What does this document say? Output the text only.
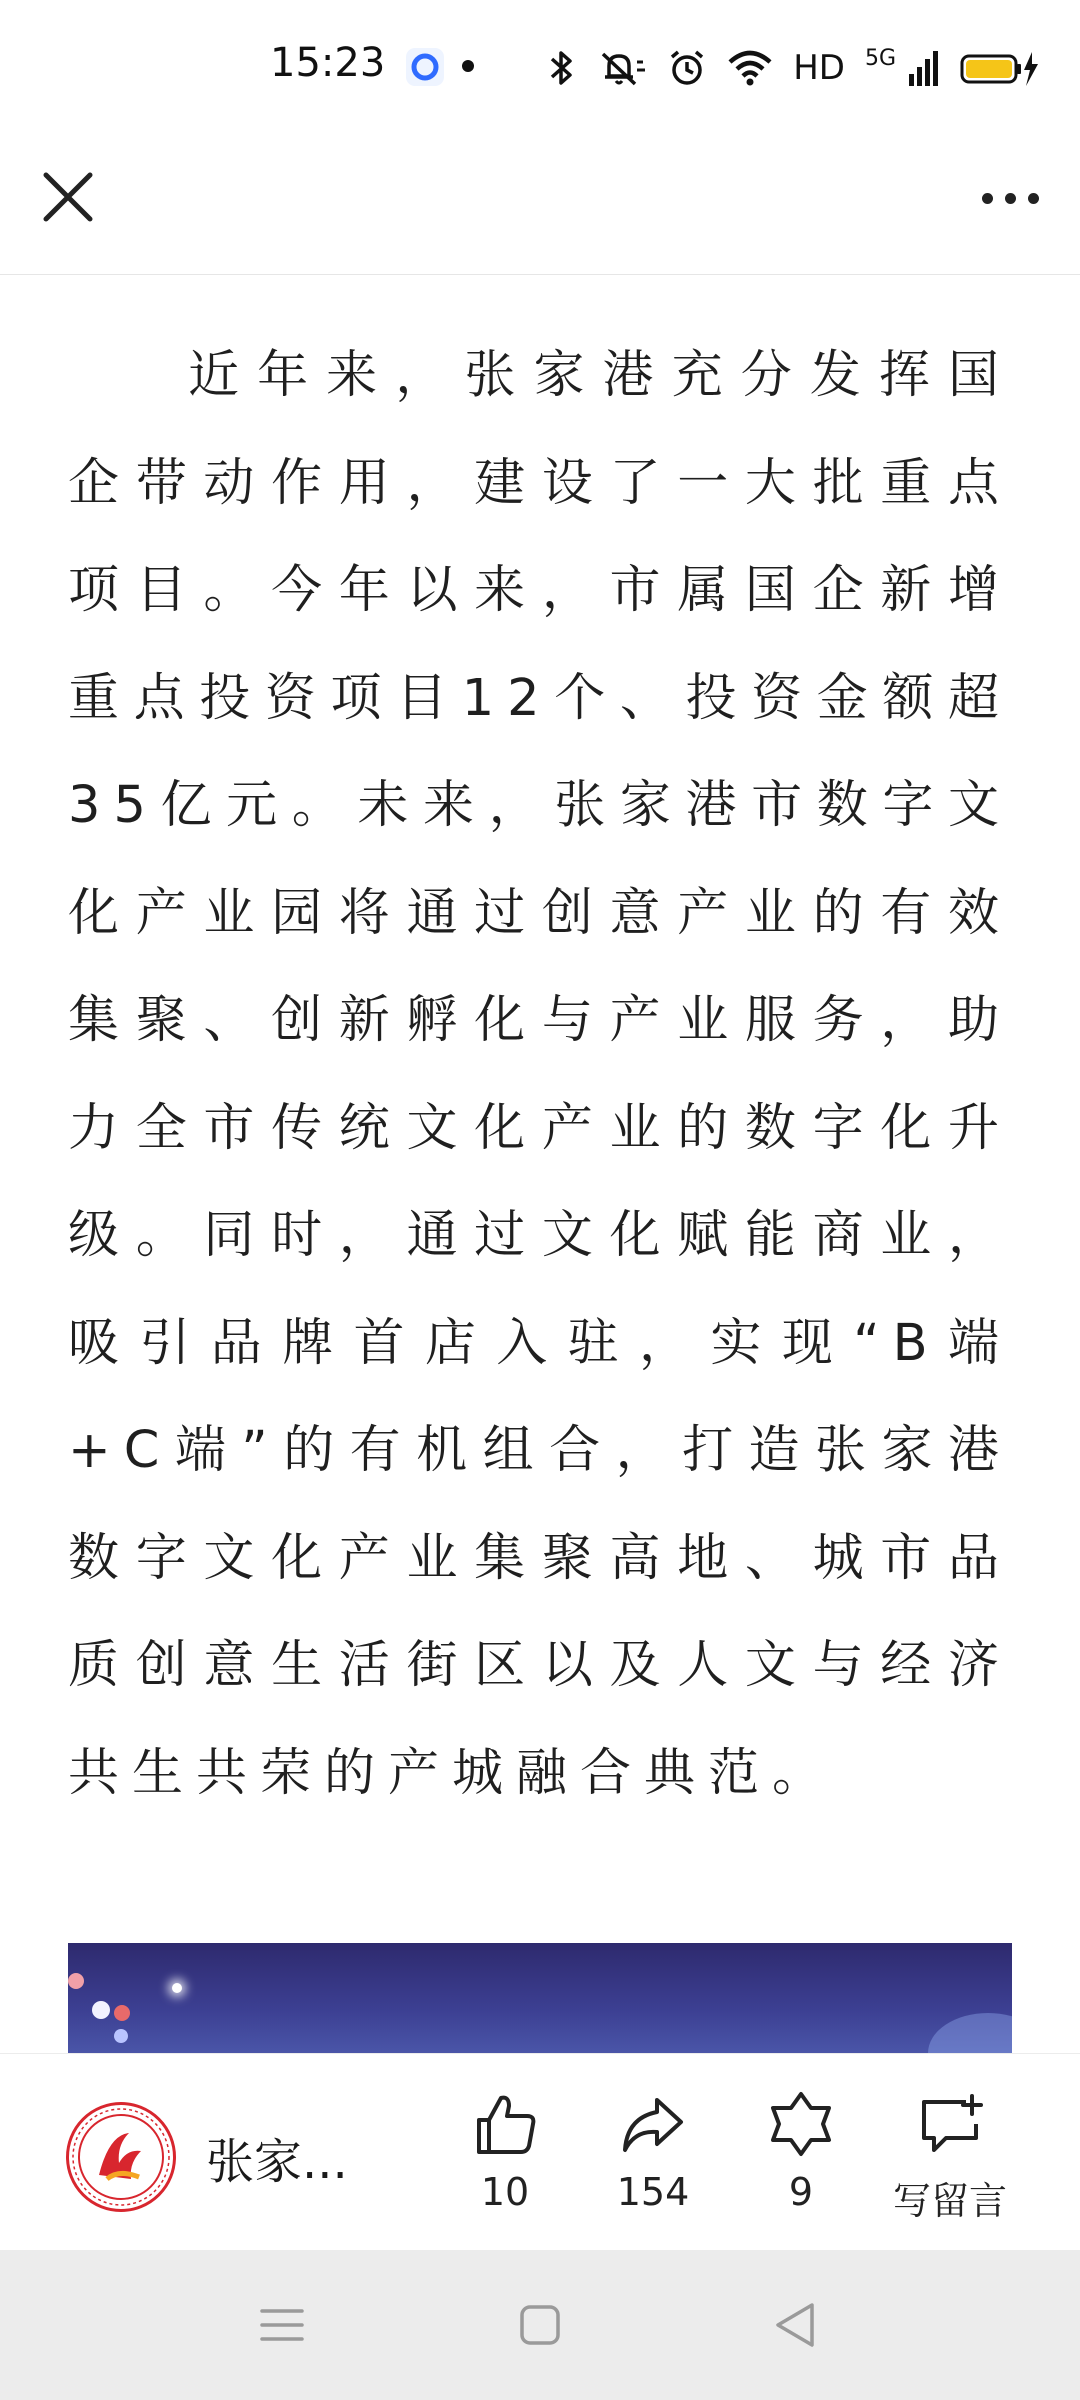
15:23	HD 5G

近年来，张家港充分发挥国企带动作用，建设了一大批重点项目。今年以来，市属国企新增重点投资项目12个、投资金额超35亿元。未来，张家港市数字文化产业园将通过创意产业的有效集聚、创新孵化与产业服务，助力全市传统文化产业的数字化升级。同时，通过文化赋能商业，吸引品牌首店入驻，实现“B端+C端”的有机组合，打造张家港数字文化产业集聚高地、城市品质创意生活街区以及人文与经济共生共荣的产城融合典范。

张家...
10 154	9 写留言
